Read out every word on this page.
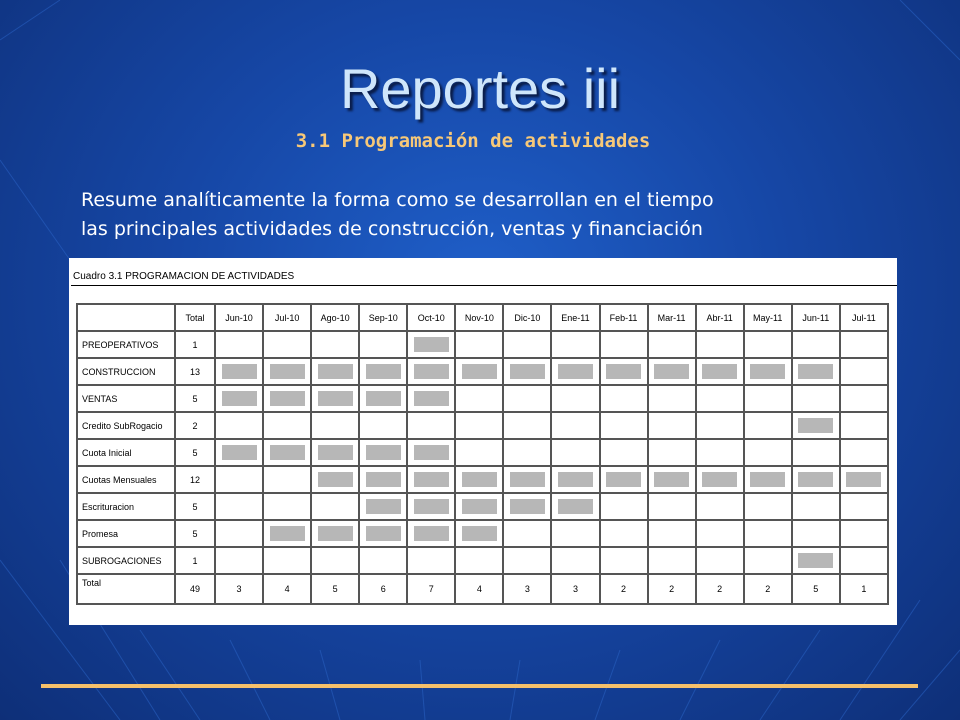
Reportes iii
3.1 Programación de actividades
Resume analíticamente la forma como se desarrollan en el tiempo
las principales actividades de construcción, ventas y financiación
Cuadro 3.1 PROGRAMACION DE ACTIVIDADES
	Total	Jun-10	Jul-10	Ago-10	Sep-10	Oct-10	Nov-10	Dic-10	Ene-11	Feb-11	Mar-11	Abr-11	May-11	Jun-11	Jul-11
PREOPERATIVOS	1														
CONSTRUCCION	13														
VENTAS	5														
Credito SubRogacio	2														
Cuota Inicial	5														
Cuotas Mensuales	12														
Escrituracion	5														
Promesa	5														
SUBROGACIONES	1														
Total	49	3	4	5	6	7	4	3	3	2	2	2	2	5	1
